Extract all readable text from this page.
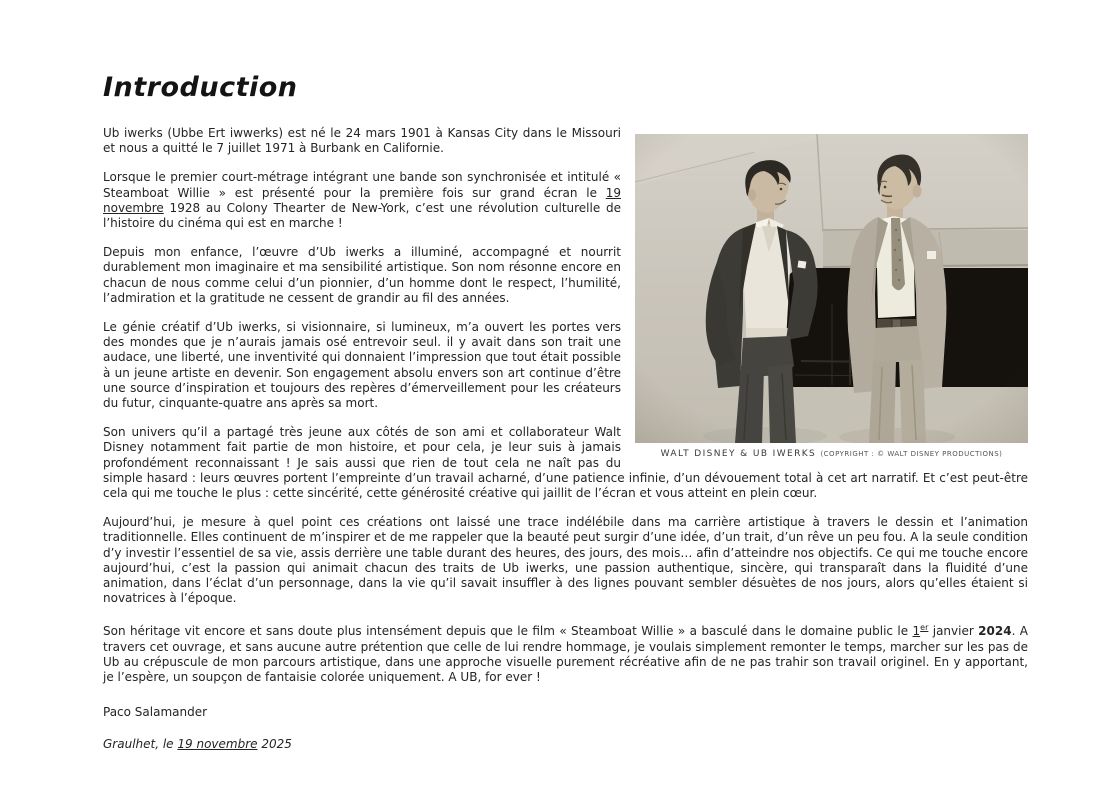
Introduction
WALT DISNEY & UB IWERKS (COPYRIGHT : © WALT DISNEY PRODUCTIONS)

Ub iwerks (Ubbe Ert iwwerks) est né le 24 mars 1901 à Kansas City dans le Missouri et nous a quitté le 7 juillet 1971 à Burbank en Californie.

Lorsque le premier court-métrage intégrant une bande son synchronisée et intitulé « Steamboat Willie » est présenté pour la première fois sur grand écran le 19 novembre 1928 au Colony Thearter de New-York, c’est une révolution culturelle de l’histoire du cinéma qui est en marche !

Depuis mon enfance, l’œuvre d’Ub iwerks a illuminé, accompagné et nourrit durablement mon imaginaire et ma sensibilité artistique. Son nom résonne encore en chacun de nous comme celui d’un pionnier, d’un homme dont le respect, l’humilité, l’admiration et la gratitude ne cessent de grandir au fil des années.

Le génie créatif d’Ub iwerks, si visionnaire, si lumineux, m’a ouvert les portes vers des mondes que je n’aurais jamais osé entrevoir seul. il y avait dans son trait une audace, une liberté, une inventivité qui donnaient l’impression que tout était possible à un jeune artiste en devenir. Son engagement absolu envers son art continue d’être une source d’inspiration et toujours des repères d’émerveillement pour les créateurs du futur, cinquante-quatre ans après sa mort.

Son univers qu’il a partagé très jeune aux côtés de son ami et collaborateur Walt Disney notamment fait partie de mon histoire, et pour cela, je leur suis à jamais profondément reconnaissant ! Je sais aussi que rien de tout cela ne naît pas du simple hasard : leurs œuvres portent l’empreinte d’un travail acharné, d’une patience infinie, d’un dévouement total à cet art narratif. Et c’est peut-être cela qui me touche le plus : cette sincérité, cette générosité créative qui jaillit de l’écran et vous atteint en plein cœur.

Aujourd’hui, je mesure à quel point ces créations ont laissé une trace indélébile dans ma carrière artistique à travers le dessin et l’animation traditionnelle. Elles continuent de m’inspirer et de me rappeler que la beauté peut surgir d’une idée, d’un trait, d’un rêve un peu fou. A la seule condition d’y investir l’essentiel de sa vie, assis derrière une table durant des heures, des jours, des mois… afin d’atteindre nos objectifs. Ce qui me touche encore aujourd’hui, c’est la passion qui animait chacun des traits de Ub iwerks, une passion authentique, sincère, qui transparaît dans la fluidité d’une animation, dans l’éclat d’un personnage, dans la vie qu’il savait insuffler à des lignes pouvant sembler désuètes de nos jours, alors qu’elles étaient si novatrices à l’époque.

Son héritage vit encore et sans doute plus intensément depuis que le film « Steamboat Willie » a basculé dans le domaine public le 1er janvier 2024. A travers cet ouvrage, et sans aucune autre prétention que celle de lui rendre hommage, je voulais simplement remonter le temps, marcher sur les pas de Ub au crépuscule de mon parcours artistique, dans une approche visuelle purement récréative afin de ne pas trahir son travail originel. En y apportant, je l’espère, un soupçon de fantaisie colorée uniquement. A UB, for ever !

Paco Salamander

Graulhet, le 19 novembre 2025
